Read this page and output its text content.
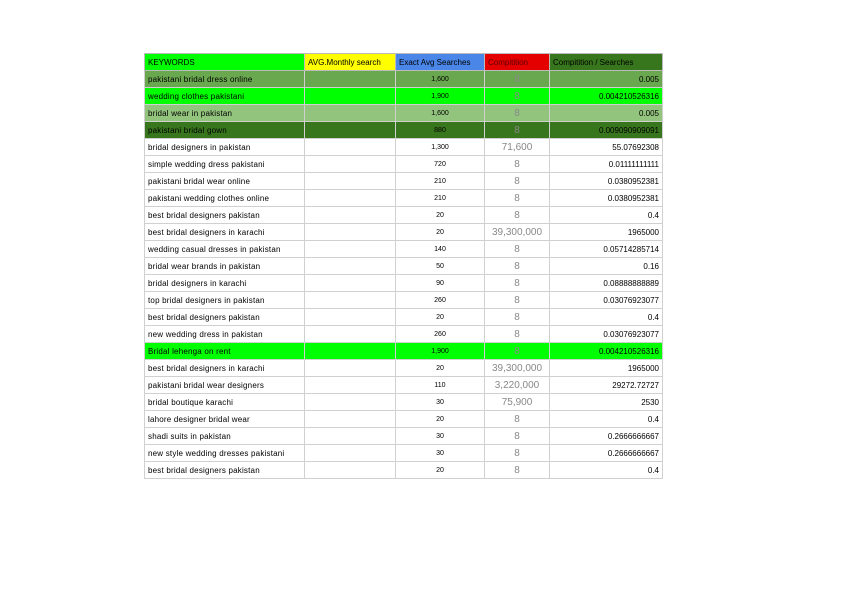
KEYWORDS	AVG.Monthly search	Exact Avg Searches	Compitition	Compitition / Searches
pakistani bridal dress online		1,600	8	0.005
wedding clothes pakistani		1,900	8	0.004210526316
bridal wear in pakistan		1,600	8	0.005
pakistani bridal gown		880	8	0.009090909091
bridal designers in pakistan		1,300	71,600	55.07692308
simple wedding dress pakistani		720	8	0.01111111111
pakistani bridal wear online		210	8	0.0380952381
pakistani wedding clothes online		210	8	0.0380952381
best bridal designers pakistan		20	8	0.4
best bridal designers in karachi		20	39,300,000	1965000
wedding casual dresses in pakistan		140	8	0.05714285714
bridal wear brands in pakistan		50	8	0.16
bridal designers in karachi		90	8	0.08888888889
top bridal designers in pakistan		260	8	0.03076923077
best bridal designers pakistan		20	8	0.4
new wedding dress in pakistan		260	8	0.03076923077
Bridal lehenga on rent		1,900	8	0.004210526316
best bridal designers in karachi		20	39,300,000	1965000
pakistani bridal wear designers		110	3,220,000	29272.72727
bridal boutique karachi		30	75,900	2530
lahore designer bridal wear		20	8	0.4
shadi suits in pakistan		30	8	0.2666666667
new style wedding dresses pakistani		30	8	0.2666666667
best bridal designers pakistan		20	8	0.4
